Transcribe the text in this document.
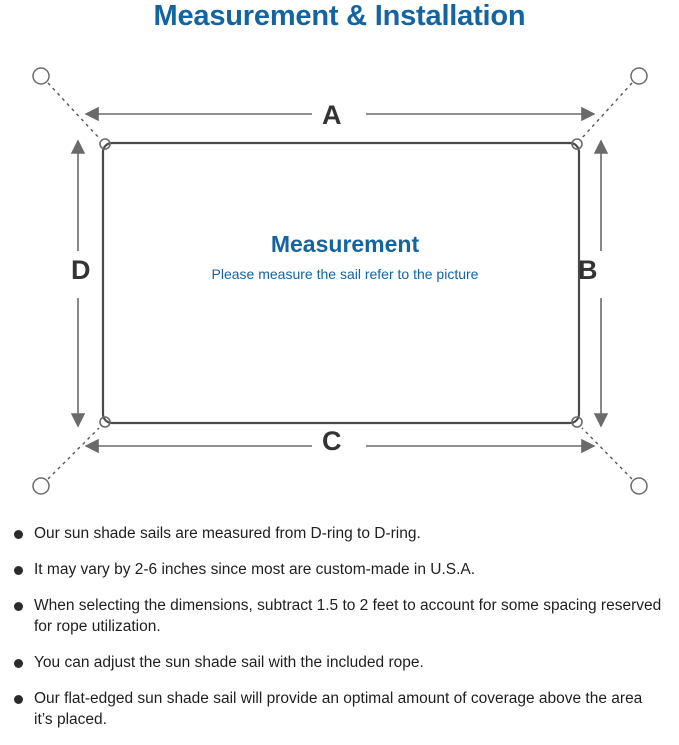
Measurement & Installation
A
B
C
D
Measurement
Please measure the sail refer to the picture
Our sun shade sails are measured from D-ring to D-ring.
It may vary by 2-6 inches since most are custom-made in U.S.A.
When selecting the dimensions, subtract 1.5 to 2 feet to account for some spacing reserved for rope utilization.
You can adjust the sun shade sail with the included rope.
Our flat-edged sun shade sail will provide an optimal amount of coverage above the area it’s placed.
